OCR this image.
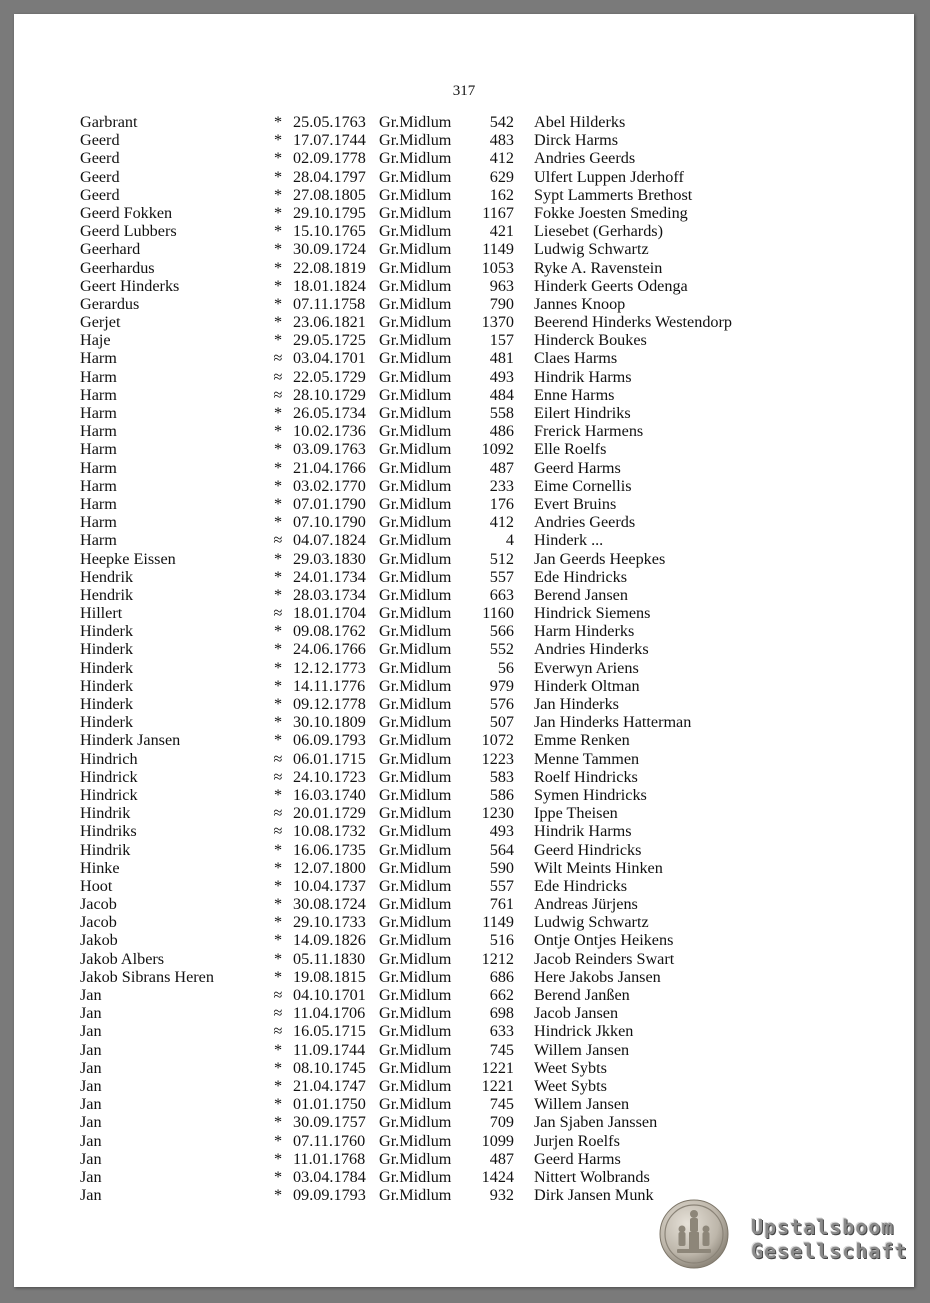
317
Garbrant	* 25.05.1763 Gr.Midlum	542 Abel Hilderks
Geerd	* 17.07.1744 Gr.Midlum	483 Dirck Harms
Geerd	* 02.09.1778 Gr.Midlum	412 Andries Geerds
Geerd	* 28.04.1797 Gr.Midlum	629 Ulfert Luppen Jderhoff
Geerd	* 27.08.1805 Gr.Midlum	162 Sypt Lammerts Brethost
Geerd Fokken	* 29.10.1795 Gr.Midlum	1167 Fokke Joesten Smeding
Geerd Lubbers	* 15.10.1765 Gr.Midlum	421 Liesebet (Gerhards)
Geerhard	* 30.09.1724 Gr.Midlum	1149 Ludwig Schwartz
Geerhardus	* 22.08.1819 Gr.Midlum	1053 Ryke A. Ravenstein
Geert Hinderks	* 18.01.1824 Gr.Midlum	963 Hinderk Geerts Odenga
Gerardus	* 07.11.1758 Gr.Midlum	790 Jannes Knoop
Gerjet	* 23.06.1821 Gr.Midlum	1370 Beerend Hinderks Westendorp
Haje	* 29.05.1725 Gr.Midlum	157 Hinderck Boukes
Harm	≈ 03.04.1701 Gr.Midlum	481 Claes Harms
Harm	≈ 22.05.1729 Gr.Midlum	493 Hindrik Harms
Harm	≈ 28.10.1729 Gr.Midlum	484 Enne Harms
Harm	* 26.05.1734 Gr.Midlum	558 Eilert Hindriks
Harm	* 10.02.1736 Gr.Midlum	486 Frerick Harmens
Harm	* 03.09.1763 Gr.Midlum	1092 Elle Roelfs
Harm	* 21.04.1766 Gr.Midlum	487 Geerd Harms
Harm	* 03.02.1770 Gr.Midlum	233 Eime Cornellis
Harm	* 07.01.1790 Gr.Midlum	176 Evert Bruins
Harm	* 07.10.1790 Gr.Midlum	412 Andries Geerds
Harm	≈ 04.07.1824 Gr.Midlum	4 Hinderk ...
Heepke Eissen	* 29.03.1830 Gr.Midlum	512 Jan Geerds Heepkes
Hendrik	* 24.01.1734 Gr.Midlum	557 Ede Hindricks
Hendrik	* 28.03.1734 Gr.Midlum	663 Berend Jansen
Hillert	≈ 18.01.1704 Gr.Midlum	1160 Hindrick Siemens
Hinderk	* 09.08.1762 Gr.Midlum	566 Harm Hinderks
Hinderk	* 24.06.1766 Gr.Midlum	552 Andries Hinderks
Hinderk	* 12.12.1773 Gr.Midlum	56 Everwyn Ariens
Hinderk	* 14.11.1776 Gr.Midlum	979 Hinderk Oltman
Hinderk	* 09.12.1778 Gr.Midlum	576 Jan Hinderks
Hinderk	* 30.10.1809 Gr.Midlum	507 Jan Hinderks Hatterman
Hinderk Jansen	* 06.09.1793 Gr.Midlum	1072 Emme Renken
Hindrich	≈ 06.01.1715 Gr.Midlum	1223 Menne Tammen
Hindrick	≈ 24.10.1723 Gr.Midlum	583 Roelf Hindricks
Hindrick	* 16.03.1740 Gr.Midlum	586 Symen Hindricks
Hindrik	≈ 20.01.1729 Gr.Midlum	1230 Ippe Theisen
Hindriks	≈ 10.08.1732 Gr.Midlum	493 Hindrik Harms
Hindrik	* 16.06.1735 Gr.Midlum	564 Geerd Hindricks
Hinke	* 12.07.1800 Gr.Midlum	590 Wilt Meints Hinken
Hoot	* 10.04.1737 Gr.Midlum	557 Ede Hindricks
Jacob	* 30.08.1724 Gr.Midlum	761 Andreas Jürjens
Jacob	* 29.10.1733 Gr.Midlum	1149 Ludwig Schwartz
Jakob	* 14.09.1826 Gr.Midlum	516 Ontje Ontjes Heikens
Jakob Albers	* 05.11.1830 Gr.Midlum	1212 Jacob Reinders Swart
Jakob Sibrans Heren	* 19.08.1815 Gr.Midlum	686 Here Jakobs Jansen
Jan	≈ 04.10.1701 Gr.Midlum	662 Berend Janßen
Jan	≈ 11.04.1706 Gr.Midlum	698 Jacob Jansen
Jan	≈ 16.05.1715 Gr.Midlum	633 Hindrick Jkken
Jan	* 11.09.1744 Gr.Midlum	745 Willem Jansen
Jan	* 08.10.1745 Gr.Midlum	1221 Weet Sybts
Jan	* 21.04.1747 Gr.Midlum	1221 Weet Sybts
Jan	* 01.01.1750 Gr.Midlum	745 Willem Jansen
Jan	* 30.09.1757 Gr.Midlum	709 Jan Sjaben Janssen
Jan	* 07.11.1760 Gr.Midlum	1099 Jurjen Roelfs
Jan	* 11.01.1768 Gr.Midlum	487 Geerd Harms
Jan	* 03.04.1784 Gr.Midlum	1424 Nittert Wolbrands
Jan	* 09.09.1793 Gr.Midlum	932 Dirk Jansen Munk
Upstalsboom
Gesellschaft
